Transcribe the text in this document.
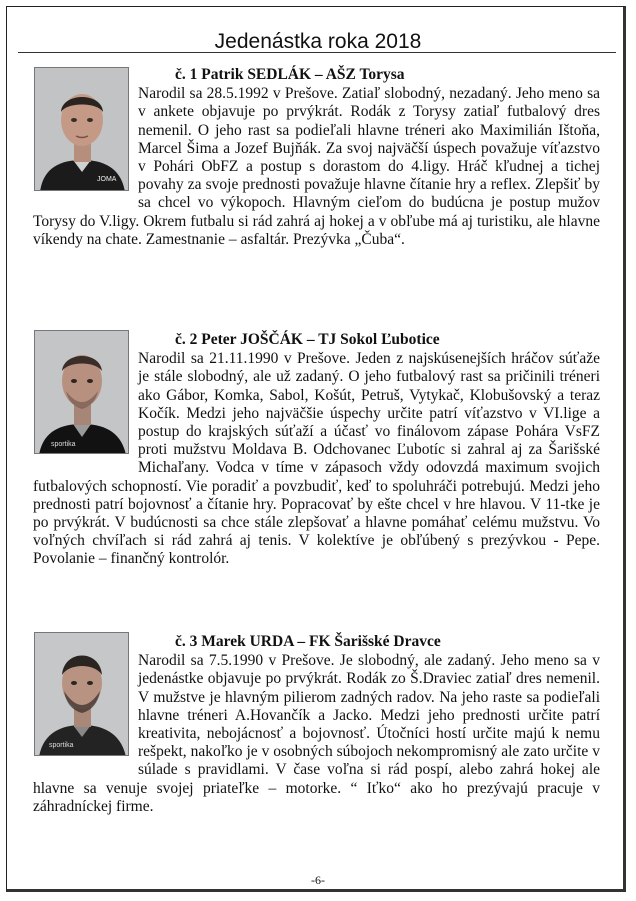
Jedenástka roka 2018
JOMA
č. 1 Patrik SEDLÁK – AŠZ Torysa
Narodil sa 28.5.1992 v Prešove. Zatiaľ slobodný, nezadaný. Jeho meno sa v ankete objavuje po prvýkrát. Rodák z Torysy zatiaľ futbalový dres nemenil. O jeho rast sa podieľali hlavne tréneri ako Maximilián Ištoňa, Marcel Šima a Jozef Bujňák. Za svoj najväčší úspech považuje víťazstvo v Pohári ObFZ a postup s dorastom do 4.ligy. Hráč kľudnej a tichej povahy za svoje prednosti považuje hlavne čítanie hry a reflex. Zlepšiť by sa chcel vo výkopoch. Hlavným cieľom do budúcna je postup mužov Torysy do V.ligy. Okrem futbalu si rád zahrá aj hokej a v obľube má aj turistiku, ale hlavne víkendy na chate. Zamestnanie – asfaltár. Prezývka „Čuba“.
sportika
č. 2 Peter JOŠČÁK – TJ Sokol Ľubotice
Narodil sa 21.11.1990 v Prešove. Jeden z najskúsenejších hráčov súťaže je stále slobodný, ale už zadaný. O jeho futbalový rast sa pričinili tréneri ako Gábor, Komka, Sabol, Košút, Petruš, Vytykač, Klobušovský a teraz Kočík. Medzi jeho najväčšie úspechy určite patrí víťazstvo v VI.lige a postup do krajských súťaží a účasť vo finálovom zápase Pohára VsFZ proti mužstvu Moldava B. Odchovanec Ľubotíc si zahral aj za Šarišské Michaľany. Vodca v tíme v zápasoch vždy odovzdá maximum svojich futbalových schopností. Vie poradiť a povzbudiť, keď to spoluhráči potrebujú. Medzi jeho prednosti patrí bojovnosť a čítanie hry. Popracovať by ešte chcel v hre hlavou. V 11-tke je po prvýkrát. V budúcnosti sa chce stále zlepšovať a hlavne pomáhať celému mužstvu. Vo voľných chvíľach si rád zahrá aj tenis. V kolektíve je obľúbený s prezývkou - Pepe. Povolanie – finančný kontrolór.
sportika
č. 3 Marek URDA – FK Šarišské Dravce
Narodil sa 7.5.1990 v Prešove. Je slobodný, ale zadaný. Jeho meno sa v jedenástke objavuje po prvýkrát. Rodák zo Š.Draviec zatiaľ dres nemenil. V mužstve je hlavným pilierom zadných radov. Na jeho raste sa podieľali hlavne tréneri A.Hovančík a Jacko. Medzi jeho prednosti určite patrí kreativita, nebojácnosť a bojovnosť. Útočníci hostí určite majú k nemu rešpekt, nakoľko je v osobných súbojoch nekompromisný ale zato určite v súlade s pravidlami. V čase voľna si rád pospí, alebo zahrá hokej ale hlavne sa venuje svojej priateľke – motorke. “ Iťko“ ako ho prezývajú pracuje v záhradníckej firme.
-6-
